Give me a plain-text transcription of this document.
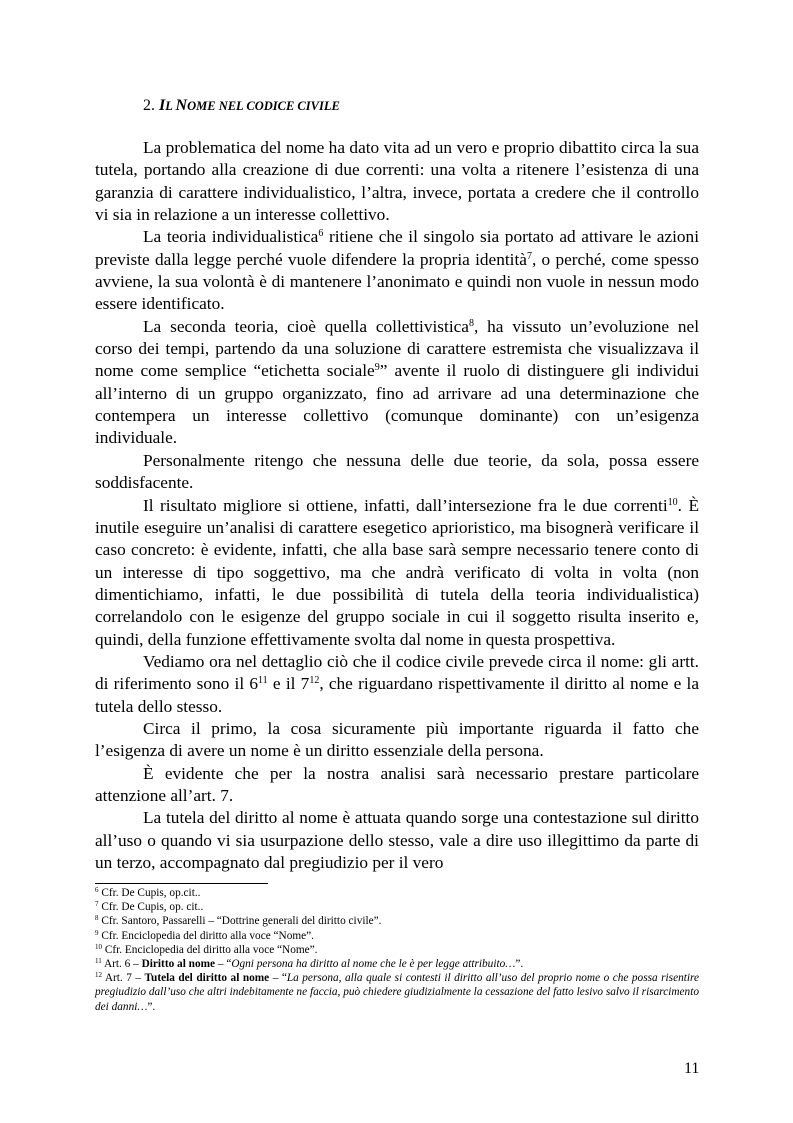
2. IL NOME NEL CODICE CIVILE

La problematica del nome ha dato vita ad un vero e proprio dibattito circa la sua tutela, portando alla creazione di due correnti: una volta a ritenere l’esistenza di una garanzia di carattere individualistico, l’altra, invece, portata a credere che il controllo vi sia in relazione a un interesse collettivo.

La teoria individualistica$^6$ ritiene che il singolo sia portato ad attivare le azioni previste dalla legge perché vuole difendere la propria identità$^7$, o perché, come spesso avviene, la sua volontà è di mantenere l’anonimato e quindi non vuole in nessun modo essere identificato.

La seconda teoria, cioè quella collettivistica$^8$, ha vissuto un’evoluzione nel corso dei tempi, partendo da una soluzione di carattere estremista che visualizzava il nome come semplice “etichetta sociale$^9$” avente il ruolo di distinguere gli individui all’interno di un gruppo organizzato, fino ad arrivare ad una determinazione che contempera un interesse collettivo (comunque dominante) con un’esigenza individuale.

Personalmente ritengo che nessuna delle due teorie, da sola, possa essere soddisfacente.

Il risultato migliore si ottiene, infatti, dall’intersezione fra le due correnti$^{10}$. È inutile eseguire un’analisi di carattere esegetico aprioristico, ma bisognerà verificare il caso concreto: è evidente, infatti, che alla base sarà sempre necessario tenere conto di un interesse di tipo soggettivo, ma che andrà verificato di volta in volta (non dimentichiamo, infatti, le due possibilità di tutela della teoria individualistica) correlandolo con le esigenze del gruppo sociale in cui il soggetto risulta inserito e, quindi, della funzione effettivamente svolta dal nome in questa prospettiva.

Vediamo ora nel dettaglio ciò che il codice civile prevede circa il nome: gli artt. di riferimento sono il $6^{11}$ e il $7^{12}$, che riguardano rispettivamente il diritto al nome e la tutela dello stesso.

Circa il primo, la cosa sicuramente più importante riguarda il fatto che l’esigenza di avere un nome è un diritto essenziale della persona.

È evidente che per la nostra analisi sarà necessario prestare particolare attenzione all’art. 7.

La tutela del diritto al nome è attuata quando sorge una contestazione sul diritto all’uso o quando vi sia usurpazione dello stesso, vale a dire uso illegittimo da parte di un terzo, accompagnato dal pregiudizio per il vero

$^6$ Cfr. De Cupis, op.cit..
$^7$ Cfr. De Cupis, op. cit..
$^8$ Cfr. Santoro, Passarelli – “Dottrine generali del diritto civile”.
$^9$ Cfr. Enciclopedia del diritto alla voce “Nome”.
$^{10}$ Cfr. Enciclopedia del diritto alla voce “Nome”.
$^{11}$ Art. 6 – Diritto al nome – “Ogni persona ha diritto al nome che le è per legge attribuito…”.
$^{12}$ Art. 7 – Tutela del diritto al nome – “La persona, alla quale si contesti il diritto all’uso del proprio nome o che possa risentire pregiudizio dall’uso che altri indebitamente ne faccia, può chiedere giudizialmente la cessazione del fatto lesivo salvo il risarcimento dei danni…”.
11
